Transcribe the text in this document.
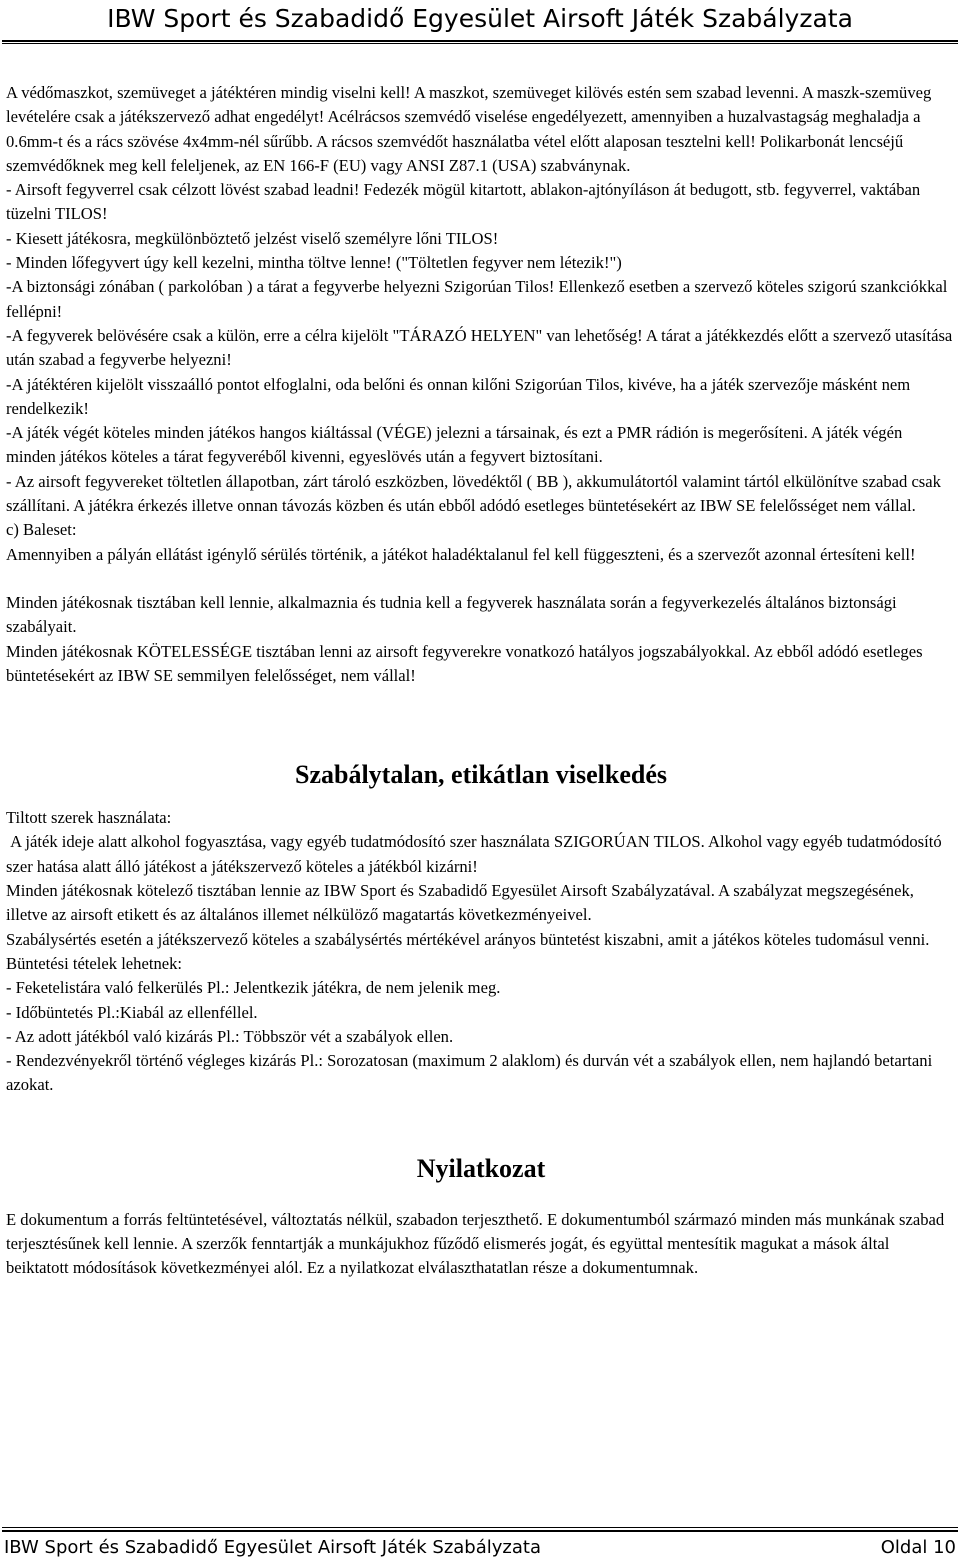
IBW Sport és Szabadidő Egyesület Airsoft Játék Szabályzata

A védőmaszkot, szemüveget a játéktéren mindig viselni kell! A maszkot, szemüveget kilövés estén sem szabad levenni. A maszk-szemüveg levételére csak a játékszervező adhat engedélyt! Acélrácsos szemvédő viselése engedélyezett, amennyiben a huzalvastagság meghaladja a 0.6mm-t és a rács szövése 4x4mm-nél sűrűbb. A rácsos szemvédőt használatba vétel előtt alaposan tesztelni kell! Polikarbonát lencséjű szemvédőknek meg kell feleljenek, az EN 166-F (EU) vagy ANSI Z87.1 (USA) szabványnak.

- Airsoft fegyverrel csak célzott lövést szabad leadni! Fedezék mögül kitartott, ablakon-ajtónyíláson át bedugott, stb. fegyverrel, vaktában tüzelni TILOS!

- Kiesett játékosra, megkülönböztető jelzést viselő személyre lőni TILOS!

- Minden lőfegyvert úgy kell kezelni, mintha töltve lenne! ("Töltetlen fegyver nem létezik!")

-A biztonsági zónában ( parkolóban ) a tárat a fegyverbe helyezni Szigorúan Tilos! Ellenkező esetben a szervező köteles szigorú szankciókkal fellépni!

-A fegyverek belövésére csak a külön, erre a célra kijelölt "TÁRAZÓ HELYEN" van lehetőség! A tárat a játékkezdés előtt a szervező utasítása után szabad a fegyverbe helyezni!

-A játéktéren kijelölt visszaálló pontot elfoglalni, oda belőni és onnan kilőni Szigorúan Tilos, kivéve, ha a játék szervezője másként nem rendelkezik!

-A játék végét köteles minden játékos hangos kiáltással (VÉGE) jelezni a társainak, és ezt a PMR rádión is megerősíteni. A játék végén minden játékos köteles a tárat fegyveréből kivenni, egyeslövés után a fegyvert biztosítani.

- Az airsoft fegyvereket töltetlen állapotban, zárt tároló eszközben, lövedéktől ( BB ), akkumulátortól valamint tártól elkülönítve szabad csak szállítani. A játékra érkezés illetve onnan távozás közben és után ebből adódó esetleges büntetésekért az IBW SE felelősséget nem vállal.

c) Baleset:

Amennyiben a pályán ellátást igénylő sérülés történik, a játékot haladéktalanul fel kell függeszteni, és a szervezőt azonnal értesíteni kell!

Minden játékosnak tisztában kell lennie, alkalmaznia és tudnia kell a fegyverek használata során a fegyverkezelés általános biztonsági szabályait.

Minden játékosnak KÖTELESSÉGE tisztában lenni az airsoft fegyverekre vonatkozó hatályos jogszabályokkal. Az ebből adódó esetleges büntetésekért az IBW SE semmilyen felelősséget, nem vállal!

Szabálytalan, etikátlan viselkedés

Tiltott szerek használata:

A játék ideje alatt alkohol fogyasztása, vagy egyéb tudatmódosító szer használata SZIGORÚAN TILOS. Alkohol vagy egyéb tudatmódosító szer hatása alatt álló játékost a játékszervező köteles a játékból kizárni!

Minden játékosnak kötelező tisztában lennie az IBW Sport és Szabadidő Egyesület Airsoft Szabályzatával. A szabályzat megszegésének, illetve az airsoft etikett és az általános illemet nélkülöző magatartás következményeivel.

Szabálysértés esetén a játékszervező köteles a szabálysértés mértékével arányos büntetést kiszabni, amit a játékos köteles tudomásul venni.

Büntetési tételek lehetnek:

- Feketelistára való felkerülés Pl.: Jelentkezik játékra, de nem jelenik meg.

- Időbüntetés Pl.:Kiabál az ellenféllel.

- Az adott játékból való kizárás Pl.: Többször vét a szabályok ellen.

- Rendezvényekről történő végleges kizárás Pl.: Sorozatosan (maximum 2 alaklom) és durván vét a szabályok ellen, nem hajlandó betartani azokat.

Nyilatkozat

E dokumentum a forrás feltüntetésével, változtatás nélkül, szabadon terjeszthető. E dokumentumból származó minden más munkának szabad terjesztésűnek kell lennie. A szerzők fenntartják a munkájukhoz fűződő elismerés jogát, és együttal mentesítik magukat a mások által beiktatott módosítások következményei alól. Ez a nyilatkozat elválaszthatatlan része a dokumentumnak.

IBW Sport és Szabadidő Egyesület Airsoft Játék Szabályzata	Oldal 10
